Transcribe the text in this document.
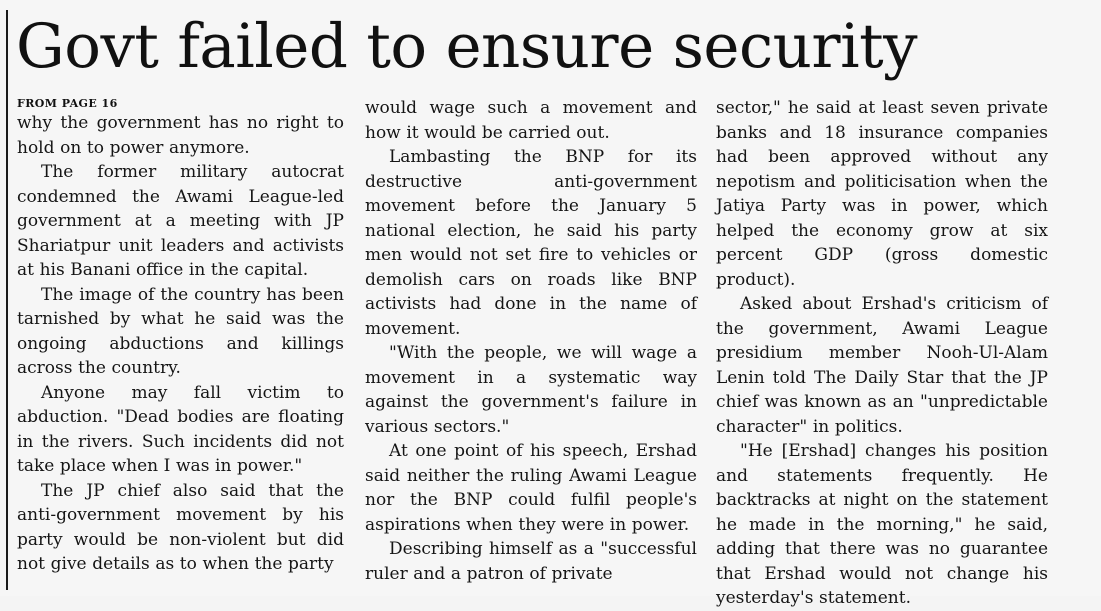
Govt failed to ensure security

FROM PAGE 16

why the government has no right to hold on to power anymore.

The former military autocrat condemned the Awami League-led government at a meeting with JP Shariatpur unit leaders and activists at his Banani office in the capital.

The image of the country has been tarnished by what he said was the ongoing abductions and killings across the country.

Anyone may fall victim to abduction. "Dead bodies are floating in the rivers. Such incidents did not take place when I was in power."

The JP chief also said that the anti-government movement by his party would be non-violent but did not give details as to when the party

would wage such a movement and how it would be carried out.

Lambasting the BNP for its destructive anti-government movement before the January 5 national election, he said his party men would not set fire to vehicles or demolish cars on roads like BNP activists had done in the name of movement.

"With the people, we will wage a movement in a systematic way against the government's failure in various sectors."

At one point of his speech, Ershad said neither the ruling Awami League nor the BNP could fulfil people's aspirations when they were in power.

Describing himself as a "successful ruler and a patron of private

sector," he said at least seven private banks and 18 insurance companies had been approved without any nepotism and politicisation when the Jatiya Party was in power, which helped the economy grow at six percent GDP (gross domestic product).

Asked about Ershad's criticism of the government, Awami League presidium member Nooh-Ul-Alam Lenin told The Daily Star that the JP chief was known as an "unpredictable character" in politics.

"He [Ershad] changes his position and statements frequently. He backtracks at night on the statement he made in the morning," he said, adding that there was no guarantee that Ershad would not change his yesterday's statement.
